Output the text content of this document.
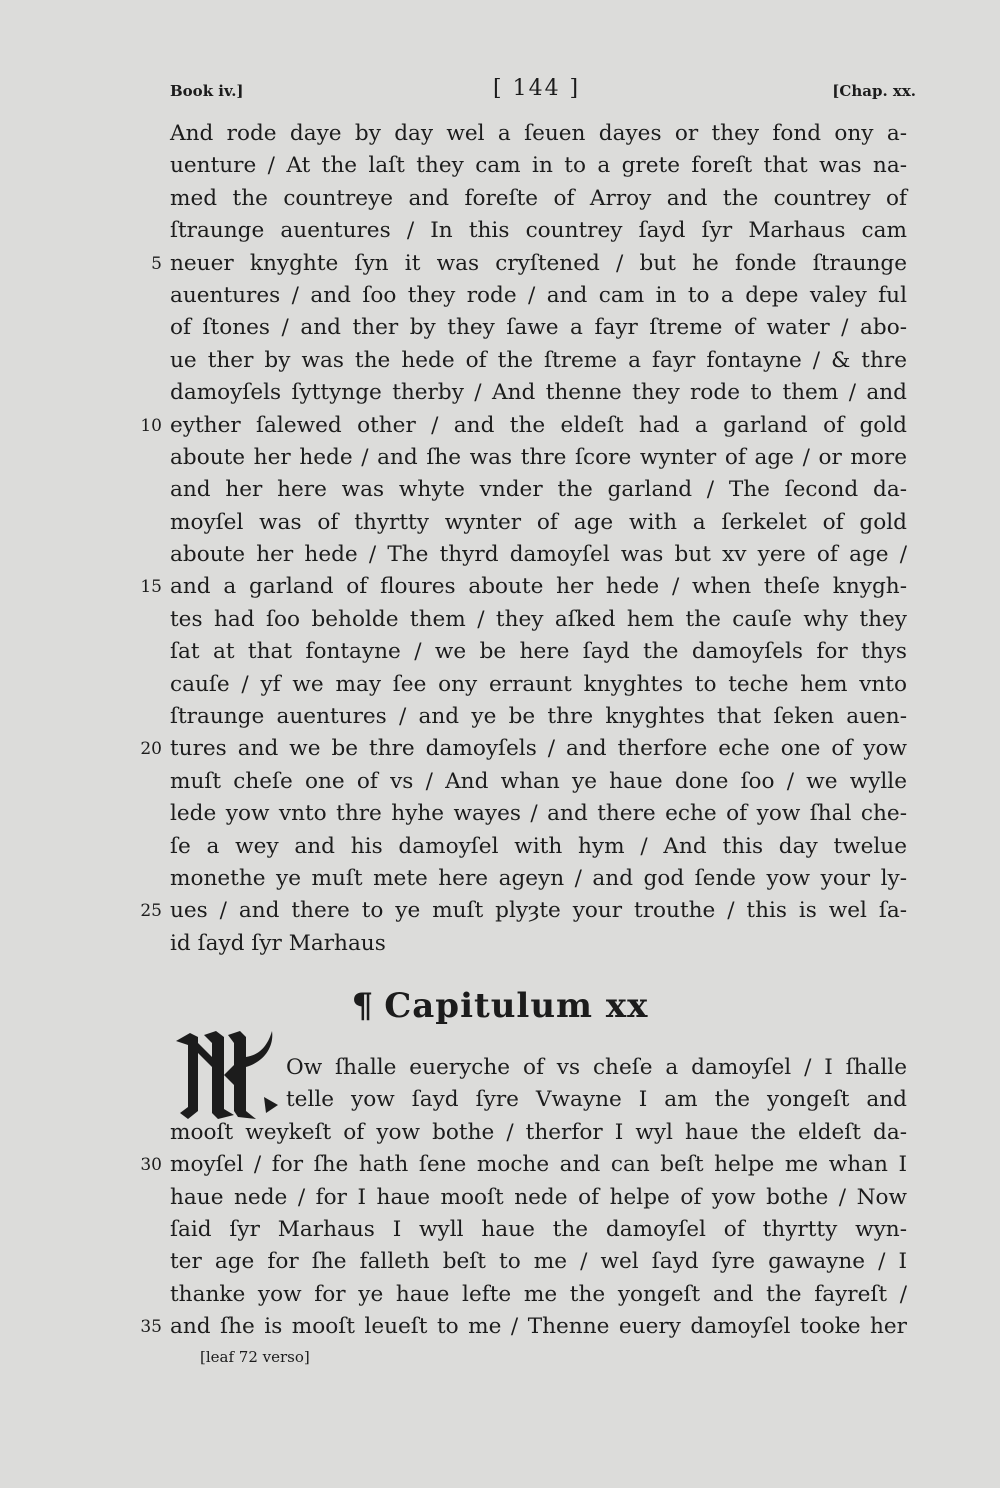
Book iv.]	[ 144 ]	[Chap. xx.
And rode daye by day wel a ſeuen dayes or they fond ony a-
uenture / At the laſt they cam in to a grete foreſt that was na-
med the countreye and foreſte of Arroy and the countrey of
ſtraunge auentures / In this countrey ſayd ſyr Marhaus cam
5 neuer knyghte ſyn it was cryſtened / but he fonde ſtraunge
auentures / and ſoo they rode / and cam in to a depe valey ful
of ſtones / and ther by they ſawe a fayr ſtreme of water / abo-
ue ther by was the hede of the ſtreme a fayr fontayne / & thre
damoyſels ſyttynge therby / And thenne they rode to them / and
10 eyther ſalewed other / and the eldeſt had a garland of gold
aboute her hede / and ſhe was thre ſcore wynter of age / or more
and her here was whyte vnder the garland / The ſecond da-
moyſel was of thyrtty wynter of age with a ſerkelet of gold
aboute her hede / The thyrd damoyſel was but xv yere of age /
15 and a garland of floures aboute her hede / when theſe knygh-
tes had ſoo beholde them / they aſked hem the cauſe why they
ſat at that fontayne / we be here ſayd the damoyſels for thys
cauſe / yf we may ſee ony erraunt knyghtes to teche hem vnto
ſtraunge auentures / and ye be thre knyghtes that ſeken auen-
20 tures and we be thre damoyſels / and therfore eche one of yow
muſt cheſe one of vs / And whan ye haue done ſoo / we wylle
lede yow vnto thre hyhe wayes / and there eche of yow ſhal che-
ſe a wey and his damoyſel with hym / And this day twelue
monethe ye muſt mete here ageyn / and god ſende yow your ly-
25 ues / and there to ye muſt plyȝte your trouthe / this is wel ſa-
id ſayd ſyr Marhaus
¶ Capitulum xx
Ow ſhalle eueryche of vs cheſe a damoyſel / I ſhalle
telle yow ſayd ſyre Vwayne I am the yongeſt and
mooſt weykeſt of yow bothe / therfor I wyl haue the eldeſt da-
30 moyſel / for ſhe hath ſene moche and can beſt helpe me whan I
haue nede / for I haue mooſt nede of helpe of yow bothe / Now
ſaid ſyr Marhaus I wyll haue the damoyſel of thyrtty wyn-
ter age for ſhe falleth beſt to me / wel ſayd ſyre gawayne / I
thanke yow for ye haue lefte me the yongeſt and the fayreſt /
35 and ſhe is mooſt leueſt to me / Thenne euery damoyſel tooke her
[leaf 72 verso]
